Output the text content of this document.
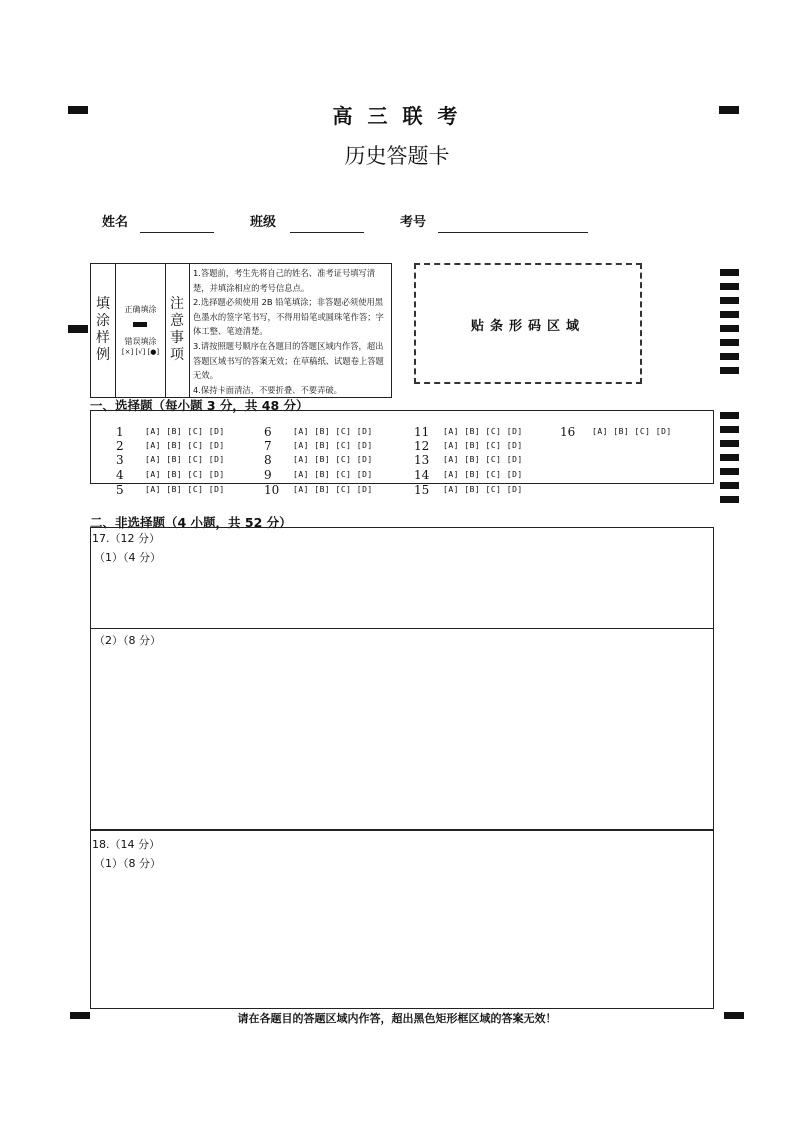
高 三 联 考
历史答题卡
姓名	班级	考号
填
涂
样
例
正确填涂
错误填涂
[×] [√] [●]
注
意
事
项
1.答题前，考生先将自己的姓名、准考证号填写清楚，并填涂相应的考号信息点。
2.选择题必须使用 2B 铅笔填涂；非答题必须使用黑色墨水的签字笔书写，不得用铅笔或圆珠笔作答；字体工整、笔迹清楚。
3.请按照题号顺序在各题目的答题区域内作答，超出答题区域书写的答案无效；在草稿纸、试题卷上答题无效。
4.保持卡面清洁，不要折叠、不要弄破。
贴条形码区域
一、选择题（每小题 3 分，共 48 分）
1	[A] [B] [C] [D]
2	[A] [B] [C] [D]
3	[A] [B] [C] [D]
4	[A] [B] [C] [D]
5	[A] [B] [C] [D]
6	[A] [B] [C] [D]
7	[A] [B] [C] [D]
8	[A] [B] [C] [D]
9	[A] [B] [C] [D]
10	[A] [B] [C] [D]
11	[A] [B] [C] [D]
12	[A] [B] [C] [D]
13	[A] [B] [C] [D]
14	[A] [B] [C] [D]
15	[A] [B] [C] [D]
16	[A] [B] [C] [D]
二、非选择题（4 小题，共 52 分）
17.（12 分）
（1）（4 分）
（2）（8 分）
18.（14 分）
（1）（8 分）
请在各题目的答题区域内作答，超出黑色矩形框区域的答案无效！
